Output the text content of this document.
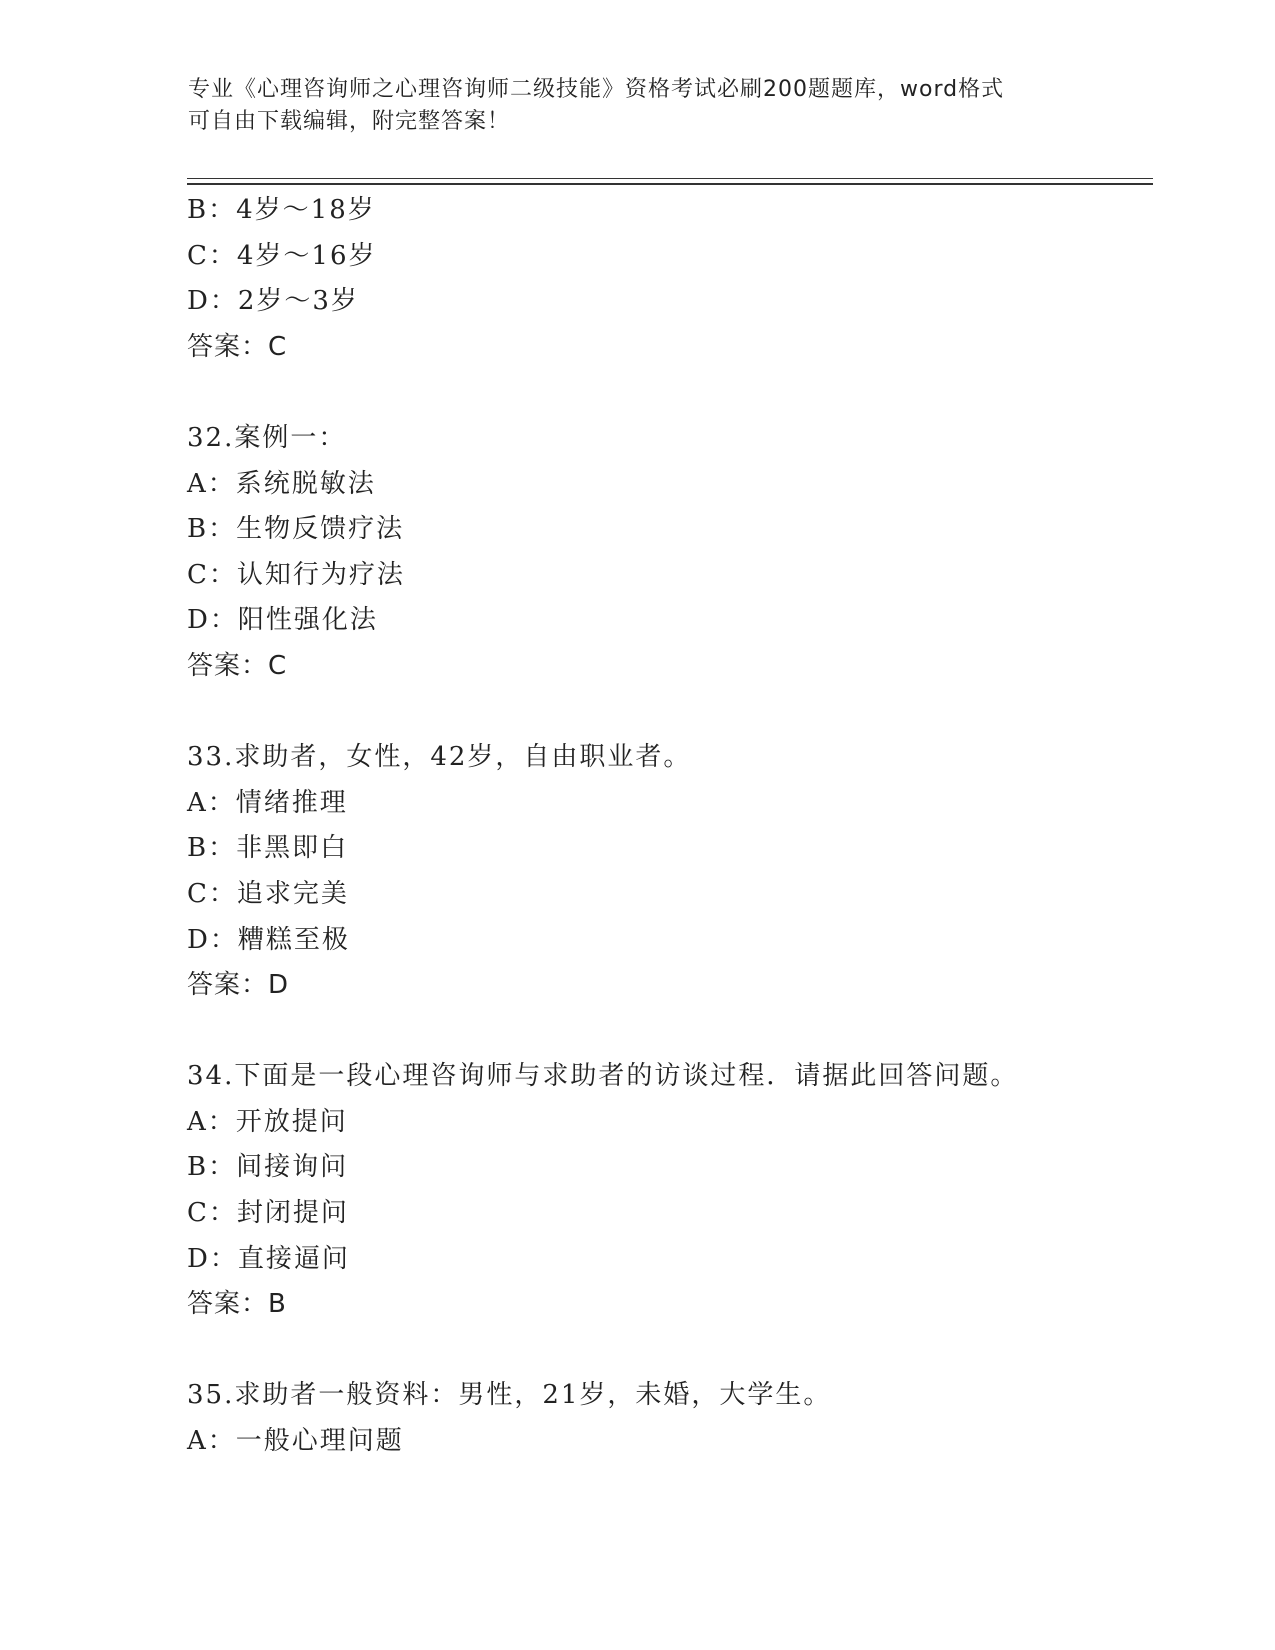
专业《心理咨询师之心理咨询师二级技能》资格考试必刷200题题库，word格式
可自由下载编辑，附完整答案！
B：4岁～18岁
C：4岁～16岁
D：2岁～3岁
答案：C
32.案例一：
A：系统脱敏法
B：生物反馈疗法
C：认知行为疗法
D：阳性强化法
答案：C
33.求助者，女性，42岁，自由职业者。
A：情绪推理
B：非黑即白
C：追求完美
D：糟糕至极
答案：D
34.下面是一段心理咨询师与求助者的访谈过程．请据此回答问题。
A：开放提问
B：间接询问
C：封闭提问
D：直接逼问
答案：B
35.求助者一般资料：男性，21岁，未婚，大学生。
A：一般心理问题
